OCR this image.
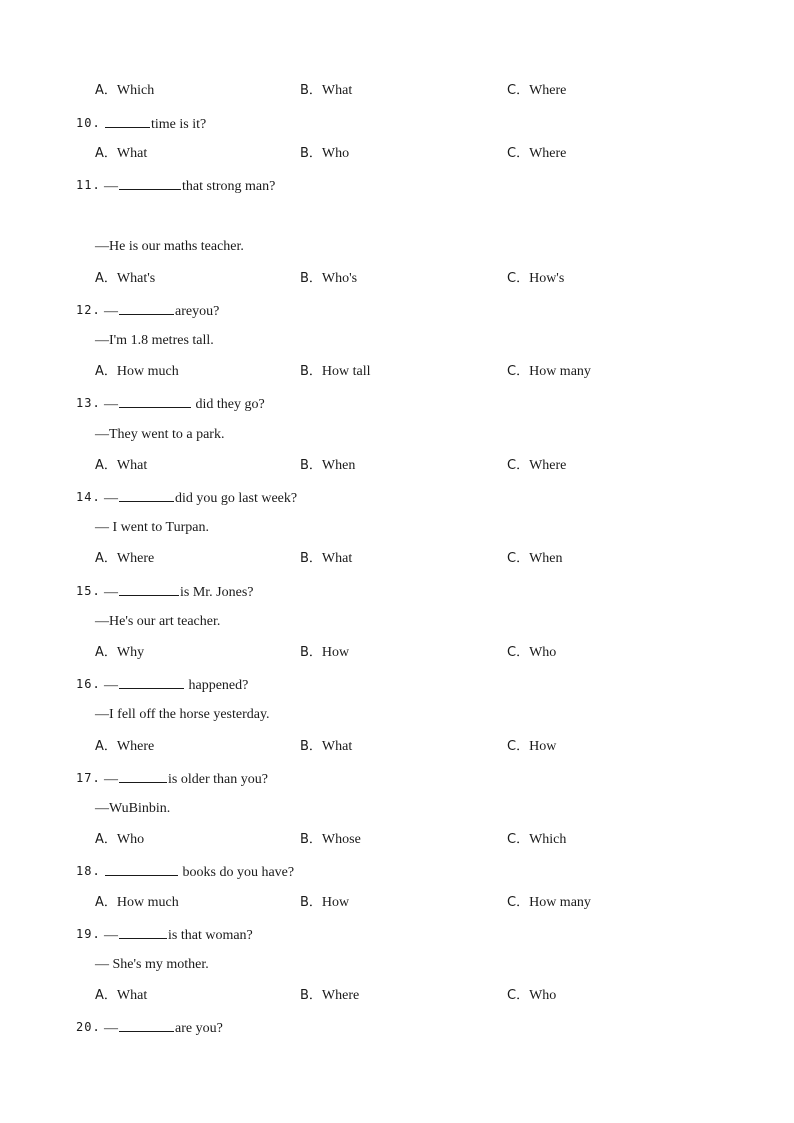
A．Which	B．What	C．Where
10.	time is it?
A．What	B．Who	C．Where
11. —	that strong man?
—He is our maths teacher.
A．What's	B．Who's	C．How's
12. —	areyou?
—I'm 1.8 metres tall.
A．How much	B．How tall	C．How many
13. —	did they go?
—They went to a park.
A．What	B．When	C．Where
14. —	did you go last week?
— I went to Turpan.
A．Where	B．What	C．When
15. —	is Mr. Jones?
—He's our art teacher.
A．Why	B．How	C．Who
16. —	happened?
—I fell off the horse yesterday.
A．Where	B．What	C．How
17. —	is older than you?
—WuBinbin.
A．Who	B．Whose	C．Which
18.	books do you have?
A．How much	B．How	C．How many
19. —	is that woman?
— She's my mother.
A．What	B．Where	C．Who
20. —	are you?
